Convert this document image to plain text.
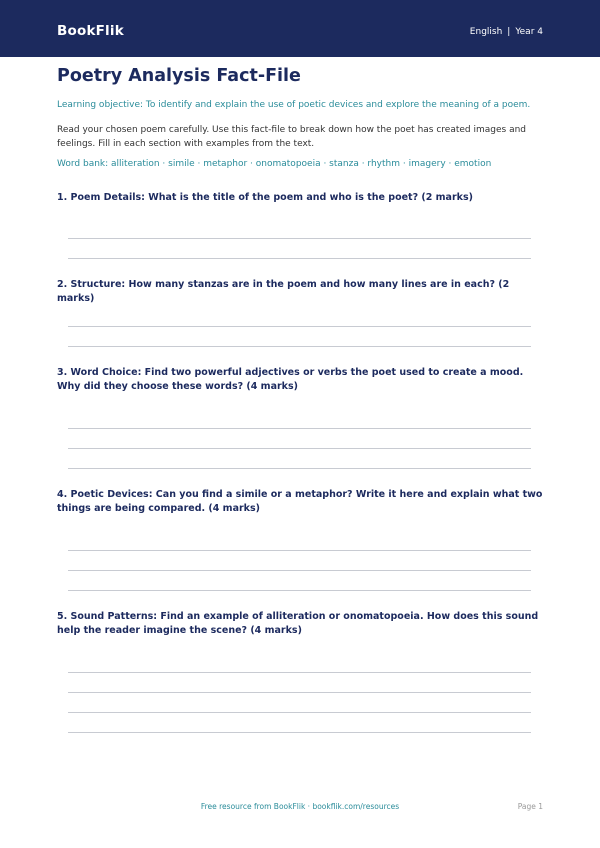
BookFlik	English | Year 4
Poetry Analysis Fact-File
Learning objective: To identify and explain the use of poetic devices and explore the meaning of a poem.
Read your chosen poem carefully. Use this fact-file to break down how the poet has created images and feelings. Fill in each section with examples from the text.
Word bank: alliteration · simile · metaphor · onomatopoeia · stanza · rhythm · imagery · emotion
1. Poem Details: What is the title of the poem and who is the poet? (2 marks)
2. Structure: How many stanzas are in the poem and how many lines are in each? (2 marks)
3. Word Choice: Find two powerful adjectives or verbs the poet used to create a mood. Why did they choose these words? (4 marks)
4. Poetic Devices: Can you find a simile or a metaphor? Write it here and explain what two things are being compared. (4 marks)
5. Sound Patterns: Find an example of alliteration or onomatopoeia. How does this sound help the reader imagine the scene? (4 marks)
Free resource from BookFlik · bookflik.com/resources	Page 1
